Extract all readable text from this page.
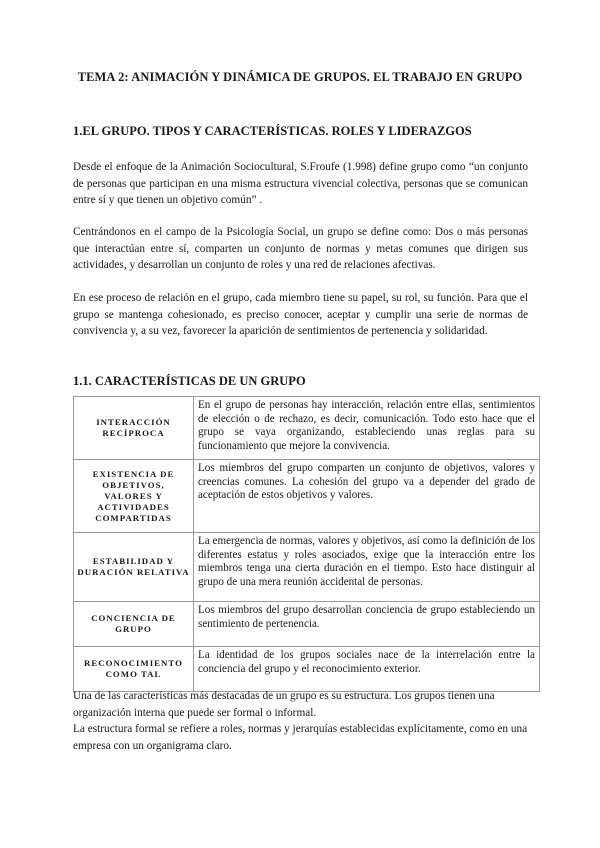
TEMA 2: ANIMACIÓN Y DINÁMICA DE GRUPOS. EL TRABAJO EN GRUPO
1.EL GRUPO. TIPOS Y CARACTERÍSTICAS. ROLES Y LIDERAZGOS

Desde el enfoque de la Animación Sociocultural, S.Froufe (1.998) define grupo como “un conjunto de personas que participan en una misma estructura vivencial colectiva, personas que se comunican entre sí y que tienen un objetivo común” .

Centrándonos en el campo de la Psicología Social, un grupo se define como: Dos o más personas que interactúan entre sí, comparten un conjunto de normas y metas comunes que dirigen sus actividades, y desarrollan un conjunto de roles y una red de relaciones afectivas.

En ese proceso de relación en el grupo, cada miembro tiene su papel, su rol, su función. Para que el grupo se mantenga cohesionado, es preciso conocer, aceptar y cumplir una serie de normas de convivencia y, a su vez, favorecer la aparición de sentimientos de pertenencia y solidaridad.

1.1. CARACTERÍSTICAS DE UN GRUPO
INTERACCIÓN RECÍPROCA	En el grupo de personas hay interacción, relación entre ellas, sentimientos de elección o de rechazo, es decir, comunicación. Todo esto hace que el grupo se vaya organizando, estableciendo unas reglas para su funcionamiento que mejore la convivencia.
EXISTENCIA DE OBJETIVOS, VALORES Y ACTIVIDADES COMPARTIDAS	Los miembros del grupo comparten un conjunto de objetivos, valores y creencias comunes. La cohesión del grupo va a depender del grado de aceptación de estos objetivos y valores.
ESTABILIDAD Y DURACIÓN RELATIVA	La emergencia de normas, valores y objetivos, así como la definición de los diferentes estatus y roles asociados, exige que la interacción entre los miembros tenga una cierta duración en el tiempo. Esto hace distinguir al grupo de una mera reunión accidental de personas.
CONCIENCIA DE GRUPO	Los miembros del grupo desarrollan conciencia de grupo estableciendo un sentimiento de pertenencia.
RECONOCIMIENTO COMO TAL	La identidad de los grupos sociales nace de la interrelación entre la conciencia del grupo y el reconocimiento exterior.

Una de las características más destacadas de un grupo es su estructura. Los grupos tienen una organización interna que puede ser formal o informal.

La estructura formal se refiere a roles, normas y jerarquías establecidas explícitamente, como en una empresa con un organigrama claro.
